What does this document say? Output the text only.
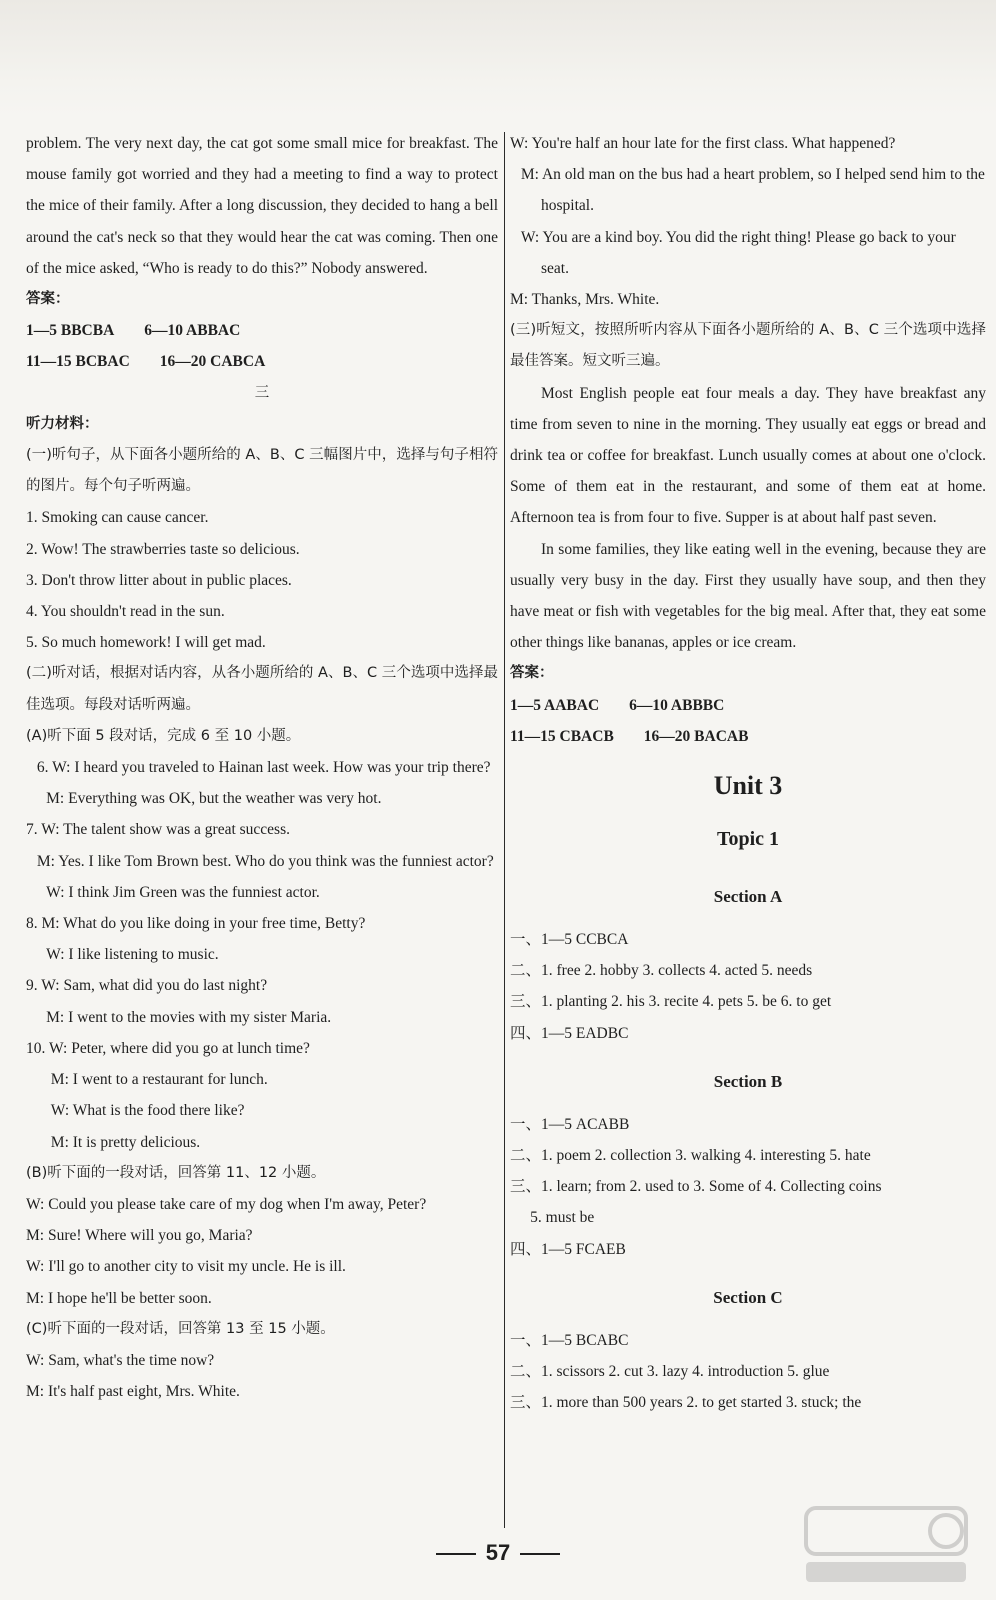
problem. The very next day, the cat got some small mice for breakfast. The mouse family got worried and they had a meeting to find a way to protect the mice of their family. After a long discussion, they decided to hang a bell around the cat's neck so that they would hear the cat was coming. Then one of the mice asked, “Who is ready to do this?” Nobody answered.
答案：
1—5 BBCBA 6—10 ABBAC
11—15 BCBAC 16—20 CABCA
三
听力材料：
(一)听句子，从下面各小题所给的 A、B、C 三幅图片中，选择与句子相符的图片。每个句子听两遍。
1. Smoking can cause cancer.
2. Wow! The strawberries taste so delicious.
3. Don't throw litter about in public places.
4. You shouldn't read in the sun.
5. So much homework! I will get mad.
(二)听对话，根据对话内容，从各小题所给的 A、B、C 三个选项中选择最佳选项。每段对话听两遍。
(A)听下面 5 段对话，完成 6 至 10 小题。
6. W: I heard you traveled to Hainan last week. How was your trip there?
M: Everything was OK, but the weather was very hot.
7. W: The talent show was a great success.
M: Yes. I like Tom Brown best. Who do you think was the funniest actor?
W: I think Jim Green was the funniest actor.
8. M: What do you like doing in your free time, Betty?
W: I like listening to music.
9. W: Sam, what did you do last night?
M: I went to the movies with my sister Maria.
10. W: Peter, where did you go at lunch time?
M: I went to a restaurant for lunch.
W: What is the food there like?
M: It is pretty delicious.
(B)听下面的一段对话，回答第 11、12 小题。
W: Could you please take care of my dog when I'm away, Peter?
M: Sure! Where will you go, Maria?
W: I'll go to another city to visit my uncle. He is ill.
M: I hope he'll be better soon.
(C)听下面的一段对话，回答第 13 至 15 小题。
W: Sam, what's the time now?
M: It's half past eight, Mrs. White.
W: You're half an hour late for the first class. What happened?
M: An old man on the bus had a heart problem, so I helped send him to the hospital.
W: You are a kind boy. You did the right thing! Please go back to your seat.
M: Thanks, Mrs. White.
(三)听短文，按照所听内容从下面各小题所给的 A、B、C 三个选项中选择最佳答案。短文听三遍。
Most English people eat four meals a day. They have breakfast any time from seven to nine in the morning. They usually eat eggs or bread and drink tea or coffee for breakfast. Lunch usually comes at about one o'clock. Some of them eat in the restaurant, and some of them eat at home. Afternoon tea is from four to five. Supper is at about half past seven.
In some families, they like eating well in the evening, because they are usually very busy in the day. First they usually have soup, and then they have meat or fish with vegetables for the big meal. After that, they eat some other things like bananas, apples or ice cream.
答案：
1—5 AABAC 6—10 ABBBC
11—15 CBACB 16—20 BACAB
Unit 3
Topic 1
Section A
一、1—5 CCBCA
二、1. free 2. hobby 3. collects 4. acted 5. needs
三、1. planting 2. his 3. recite 4. pets 5. be 6. to get
四、1—5 EADBC
Section B
一、1—5 ACABB
二、1. poem 2. collection 3. walking 4. interesting 5. hate
三、1. learn; from 2. used to 3. Some of 4. Collecting coins
5. must be
四、1—5 FCAEB
Section C
一、1—5 BCABC
二、1. scissors 2. cut 3. lazy 4. introduction 5. glue
三、1. more than 500 years 2. to get started 3. stuck; the
57
